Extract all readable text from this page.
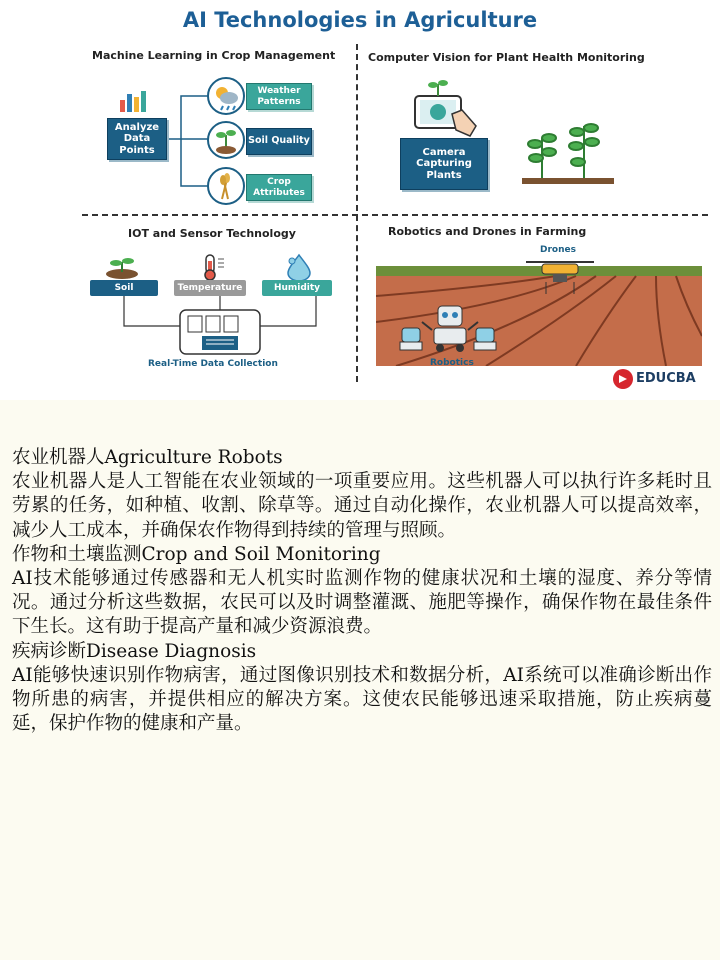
AI Technologies in Agriculture
Machine Learning in Crop Management
Analyze Data Points
Weather Patterns
Soil Quality
Crop Attributes
Computer Vision for Plant Health Monitoring
Camera Capturing Plants
IOT and Sensor Technology
Soil	Temperature	Humidity
Real-Time Data Collection
Robotics and Drones in Farming
Drones
Robotics
EDUCBA

农业机器人Agriculture Robots

农业机器人是人工智能在农业领域的一项重要应用。这些机器人可以执行许多耗时且劳累的任务，如种植、收割、除草等。通过自动化操作，农业机器人可以提高效率，减少人工成本，并确保农作物得到持续的管理与照顾。

作物和土壤监测Crop and Soil Monitoring

AI技术能够通过传感器和无人机实时监测作物的健康状况和土壤的湿度、养分等情况。通过分析这些数据，农民可以及时调整灌溉、施肥等操作，确保作物在最佳条件下生长。这有助于提高产量和减少资源浪费。

疾病诊断Disease Diagnosis

AI能够快速识别作物病害，通过图像识别技术和数据分析，AI系统可以准确诊断出作物所患的病害，并提供相应的解决方案。这使农民能够迅速采取措施，防止疾病蔓延，保护作物的健康和产量。
